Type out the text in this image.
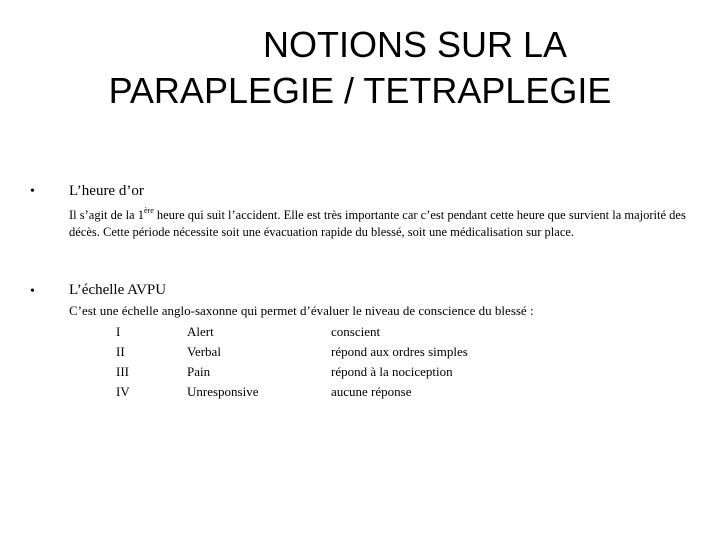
NOTIONS SUR LA
PARAPLEGIE / TETRAPLEGIE
• L’heure d’or
Il s’agit de la 1ère heure qui suit l’accident. Elle est très importante car c’est pendant cette heure que survient la majorité des décès. Cette période nécessite soit une évacuation rapide du blessé, soit une médicalisation sur place.
• L’échelle AVPU
C’est une échelle anglo-saxonne qui permet d’évaluer le niveau de conscience du blessé :
I	Alert	conscient
II	Verbal	répond aux ordres simples
III	Pain	répond à la nociception
IV	Unresponsive	aucune réponse
